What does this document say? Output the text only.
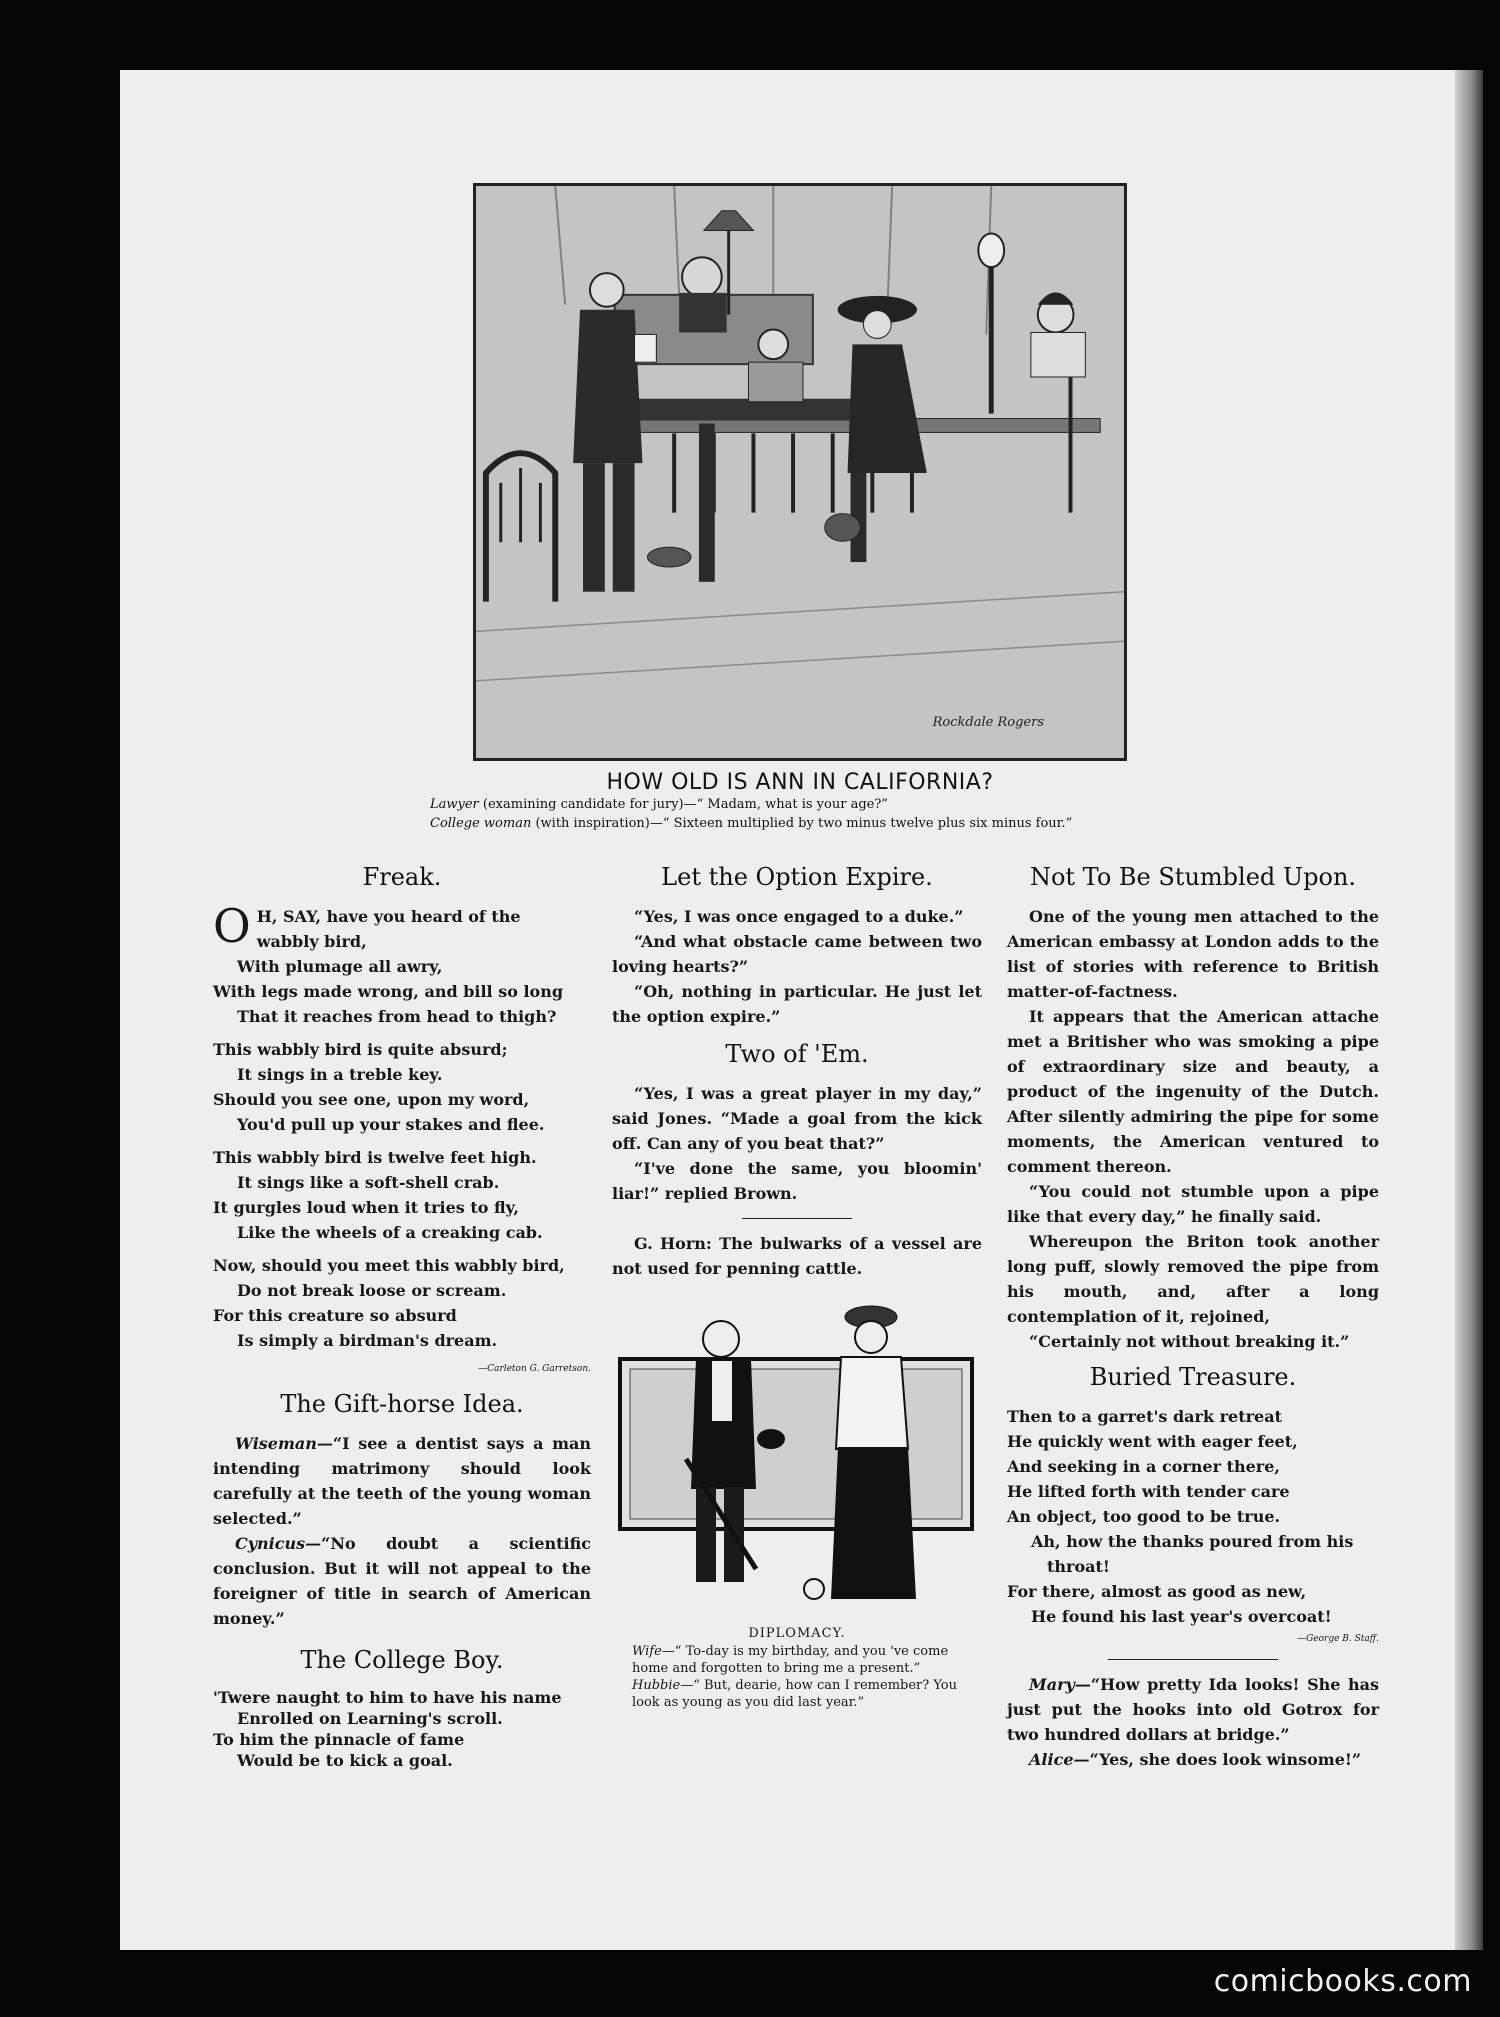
Rockdale Rogers
HOW OLD IS ANN IN CALIFORNIA?
Lawyer (examining candidate for jury)—“ Madam, what is your age?”
College woman (with inspiration)—“ Sixteen multiplied by two minus twelve plus six minus four.”
Freak.
O H, SAY, have you heard of the
wabbly bird,
With plumage all awry,
With legs made wrong, and bill so long
That it reaches from head to thigh?
This wabbly bird is quite absurd;
It sings in a treble key.
Should you see one, upon my word,
You'd pull up your stakes and flee.
This wabbly bird is twelve feet high.
It sings like a soft-shell crab.
It gurgles loud when it tries to fly,
Like the wheels of a creaking cab.
Now, should you meet this wabbly bird,
Do not break loose or scream.
For this creature so absurd
Is simply a birdman's dream.
—Carleton G. Garretson.
The Gift-horse Idea.

Wiseman—“I see a dentist says a man intending matrimony should look carefully at the teeth of the young woman selected.”

Cynicus—“No doubt a scientific conclusion. But it will not appeal to the foreigner of title in search of American money.”

The College Boy.
'Twere naught to him to have his name
Enrolled on Learning's scroll.
To him the pinnacle of fame
Would be to kick a goal.
Let the Option Expire.

“Yes, I was once engaged to a duke.”

“And what obstacle came between two loving hearts?”

“Oh, nothing in particular. He just let the option expire.”

Two of 'Em.

“Yes, I was a great player in my day,” said Jones. “Made a goal from the kick off. Can any of you beat that?”

“I've done the same, you bloomin' liar!” replied Brown.

G. Horn: The bulwarks of a vessel are not used for penning cattle.

DIPLOMACY.
Wife—“ To-day is my birthday, and you 've come home and forgotten to bring me a present.”
Hubbie—“ But, dearie, how can I remember? You look as young as you did last year.”
Not To Be Stumbled Upon.

One of the young men attached to the American embassy at London adds to the list of stories with reference to British matter-of-factness.

It appears that the American attache met a Britisher who was smoking a pipe of extraordinary size and beauty, a product of the ingenuity of the Dutch. After silently admiring the pipe for some moments, the American ventured to comment thereon.

“You could not stumble upon a pipe like that every day,” he finally said.

Whereupon the Briton took another long puff, slowly removed the pipe from his mouth, and, after a long contemplation of it, rejoined,

“Certainly not without breaking it.”

Buried Treasure.
Then to a garret's dark retreat
He quickly went with eager feet,
And seeking in a corner there,
He lifted forth with tender care
An object, too good to be true.
Ah, how the thanks poured from his
throat!
For there, almost as good as new,
He found his last year's overcoat!
—George B. Staff.

Mary—“How pretty Ida looks! She has just put the hooks into old Gotrox for two hundred dollars at bridge.”

Alice—“Yes, she does look winsome!”

comicbooks.com
